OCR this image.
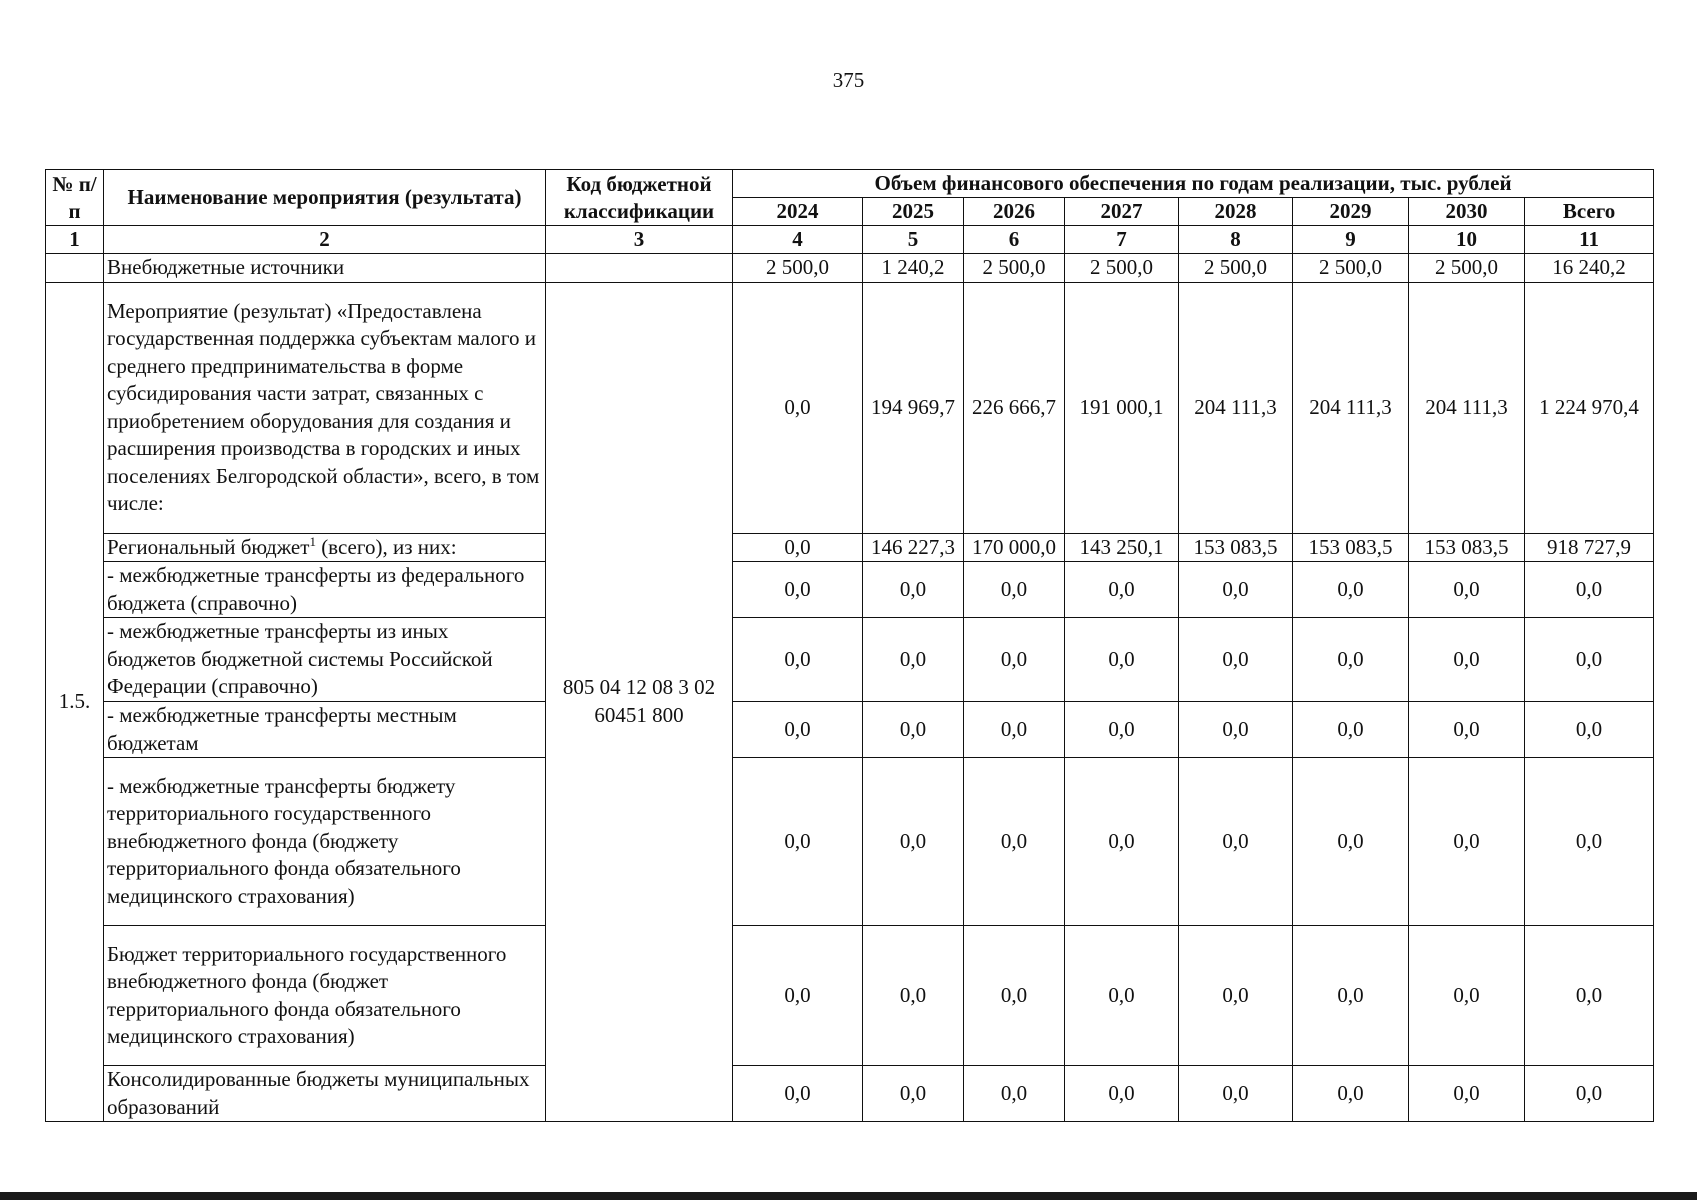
375
№ п/п	Наименование мероприятия (результата)	Код бюджетной классификации	Объем финансового обеспечения по годам реализации, тыс. рублей							
			2024	2025	2026	2027	2028	2029	2030	Всего
1	2	3	4	5	6	7	8	9	10	11
	Внебюджетные источники		2 500,0	1 240,2	2 500,0	2 500,0	2 500,0	2 500,0	2 500,0	16 240,2
1.5.	Мероприятие (результат) «Предоставлена государственная поддержка субъектам малого и среднего предпринимательства в форме субсидирования части затрат, связанных с приобретением оборудования для создания и расширения производства в городских и иных поселениях Белгородской области», всего, в том числе:	805 04 12 08 3 02 60451 800	0,0	194 969,7	226 666,7	191 000,1	204 111,3	204 111,3	204 111,3	1 224 970,4
	Региональный бюджет$^1$ (всего), из них:		0,0	146 227,3	170 000,0	143 250,1	153 083,5	153 083,5	153 083,5	918 727,9
	- межбюджетные трансферты из федерального бюджета (справочно)		0,0	0,0	0,0	0,0	0,0	0,0	0,0	0,0
	- межбюджетные трансферты из иных бюджетов бюджетной системы Российской Федерации (справочно)		0,0	0,0	0,0	0,0	0,0	0,0	0,0	0,0
	- межбюджетные трансферты местным бюджетам		0,0	0,0	0,0	0,0	0,0	0,0	0,0	0,0
	- межбюджетные трансферты бюджету территориального государственного внебюджетного фонда (бюджету территориального фонда обязательного медицинского страхования)		0,0	0,0	0,0	0,0	0,0	0,0	0,0	0,0
	Бюджет территориального государственного внебюджетного фонда (бюджет территориального фонда обязательного медицинского страхования)		0,0	0,0	0,0	0,0	0,0	0,0	0,0	0,0
	Консолидированные бюджеты муниципальных образований		0,0	0,0	0,0	0,0	0,0	0,0	0,0	0,0
